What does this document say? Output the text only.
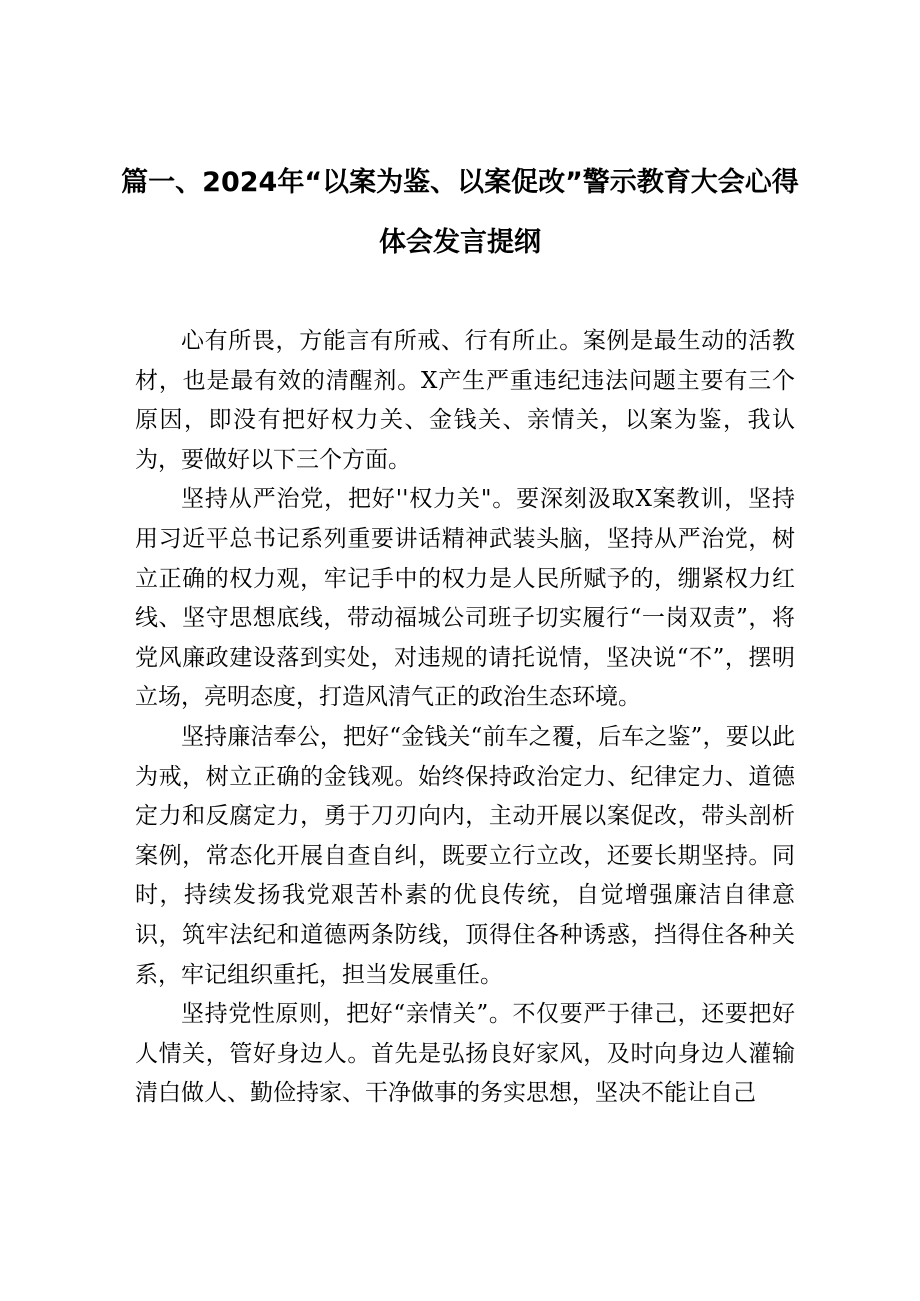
篇一、2024年“以案为鉴、以案促改”警示教育大会心得
体会发言提纲

心有所畏，方能言有所戒、行有所止。案例是最生动的活教材，也是最有效的清醒剂。X产生严重违纪违法问题主要有三个原因，即没有把好权力关、金钱关、亲情关，以案为鉴，我认为，要做好以下三个方面。

坚持从严治党，把好''权力关"。要深刻汲取X案教训，坚持用习近平总书记系列重要讲话精神武装头脑，坚持从严治党，树立正确的权力观，牢记手中的权力是人民所赋予的，绷紧权力红线、坚守思想底线，带动福城公司班子切实履行“一岗双责”，将党风廉政建设落到实处，对违规的请托说情，坚决说“不”，摆明立场，亮明态度，打造风清气正的政治生态环境。

坚持廉洁奉公，把好“金钱关“前车之覆，后车之鉴”，要以此为戒，树立正确的金钱观。始终保持政治定力、纪律定力、道德定力和反腐定力，勇于刀刃向内，主动开展以案促改，带头剖析案例，常态化开展自查自纠，既要立行立改，还要长期坚持。同时，持续发扬我党艰苦朴素的优良传统，自觉增强廉洁自律意识，筑牢法纪和道德两条防线，顶得住各种诱惑，挡得住各种关系，牢记组织重托，担当发展重任。

坚持党性原则，把好“亲情关”。不仅要严于律己，还要把好人情关，管好身边人。首先是弘扬良好家风，及时向身边人灌输清白做人、勤俭持家、干净做事的务实思想，坚决不能让自己
